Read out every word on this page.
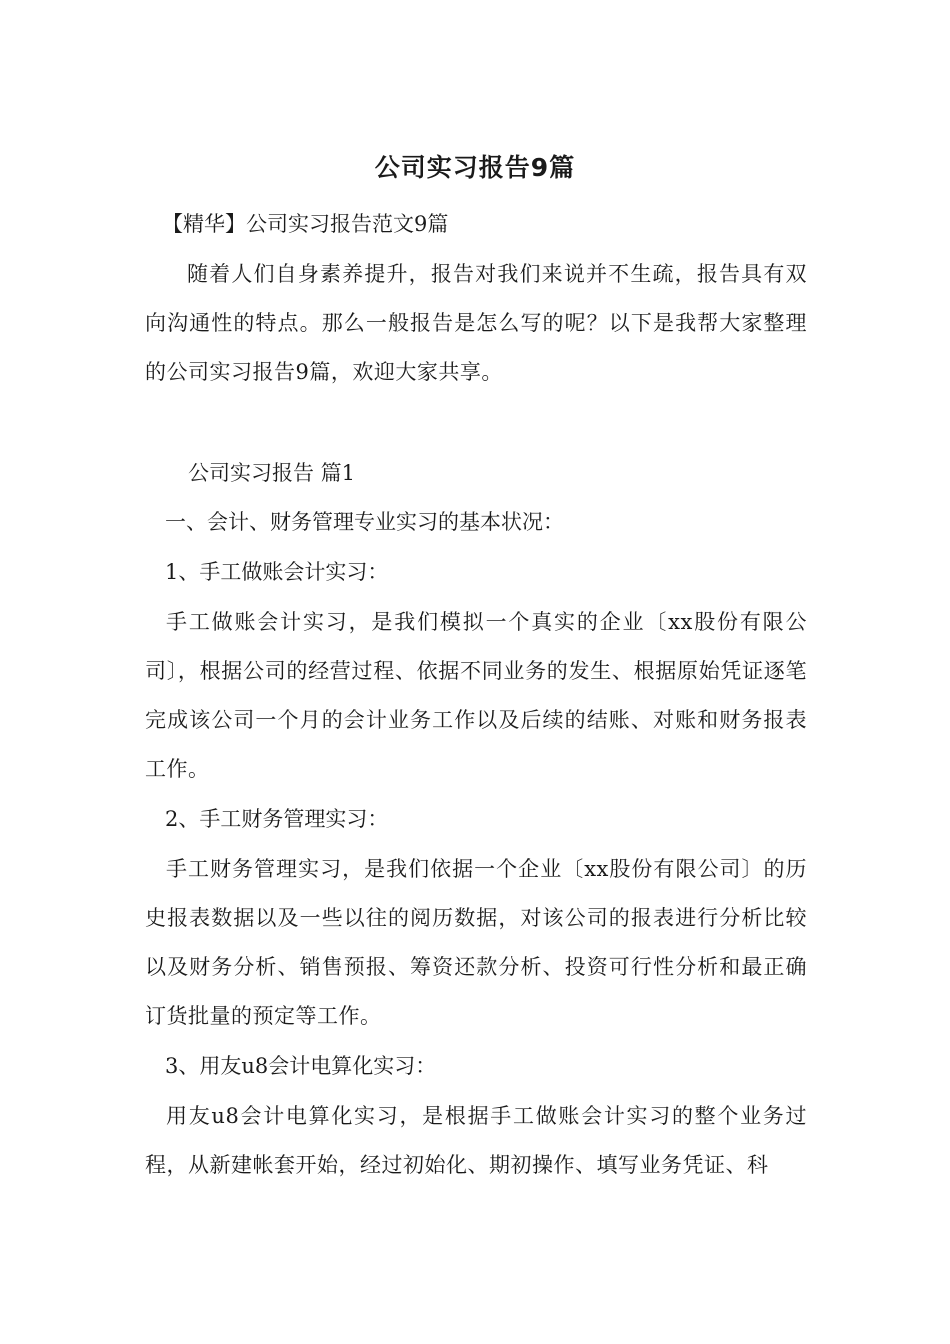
公司实习报告9篇
【精华】公司实习报告范文9篇
随着人们自身素养提升，报告对我们来说并不生疏，报告具有双向沟通性的特点。那么一般报告是怎么写的呢？以下是我帮大家整理的公司实习报告9篇，欢迎大家共享。
公司实习报告 篇1
一、会计、财务管理专业实习的基本状况：
1、手工做账会计实习：
手工做账会计实习，是我们模拟一个真实的企业〔xx股份有限公司〕，根据公司的经营过程、依据不同业务的发生、根据原始凭证逐笔完成该公司一个月的会计业务工作以及后续的结账、对账和财务报表工作。
2、手工财务管理实习：
手工财务管理实习，是我们依据一个企业〔xx股份有限公司〕的历史报表数据以及一些以往的阅历数据，对该公司的报表进行分析比较以及财务分析、销售预报、筹资还款分析、投资可行性分析和最正确订货批量的预定等工作。
3、用友u8会计电算化实习：
用友u8会计电算化实习，是根据手工做账会计实习的整个业务过程，从新建帐套开始，经过初始化、期初操作、填写业务凭证、科
